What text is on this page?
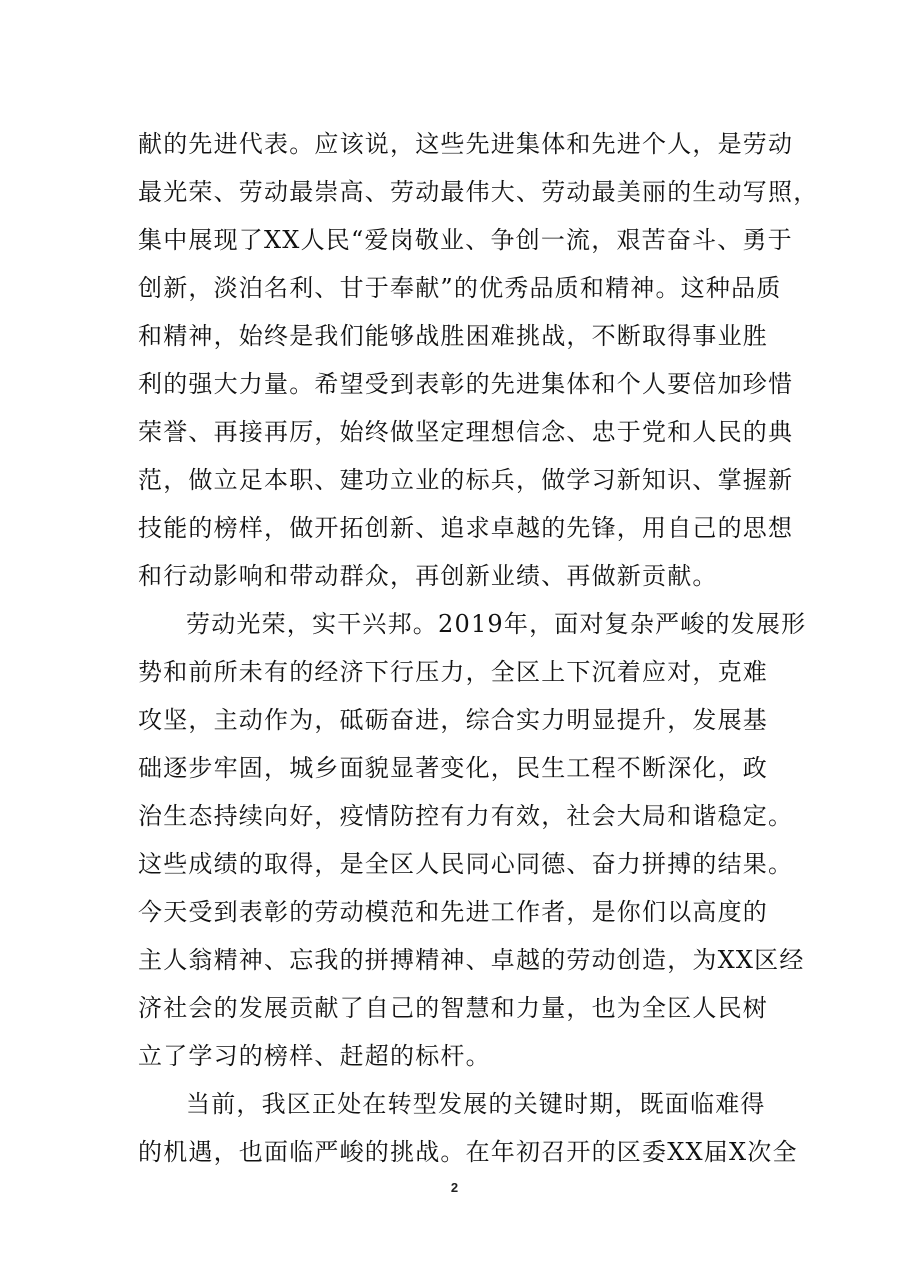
献的先进代表。应该说，这些先进集体和先进个人，是劳动
最光荣、劳动最崇高、劳动最伟大、劳动最美丽的生动写照，
集中展现了XX人民“爱岗敬业、争创一流，艰苦奋斗、勇于
创新，淡泊名利、甘于奉献”的优秀品质和精神。这种品质
和精神，始终是我们能够战胜困难挑战，不断取得事业胜
利的强大力量。希望受到表彰的先进集体和个人要倍加珍惜
荣誉、再接再厉，始终做坚定理想信念、忠于党和人民的典
范，做立足本职、建功立业的标兵，做学习新知识、掌握新
技能的榜样，做开拓创新、追求卓越的先锋，用自己的思想
和行动影响和带动群众，再创新业绩、再做新贡献。
劳动光荣，实干兴邦。2019年，面对复杂严峻的发展形
势和前所未有的经济下行压力，全区上下沉着应对，克难
攻坚，主动作为，砥砺奋进，综合实力明显提升，发展基
础逐步牢固，城乡面貌显著变化，民生工程不断深化，政
治生态持续向好，疫情防控有力有效，社会大局和谐稳定。
这些成绩的取得，是全区人民同心同德、奋力拼搏的结果。
今天受到表彰的劳动模范和先进工作者，是你们以高度的
主人翁精神、忘我的拼搏精神、卓越的劳动创造，为XX区经
济社会的发展贡献了自己的智慧和力量，也为全区人民树
立了学习的榜样、赶超的标杆。
当前，我区正处在转型发展的关键时期，既面临难得
的机遇，也面临严峻的挑战。在年初召开的区委XX届X次全
2
